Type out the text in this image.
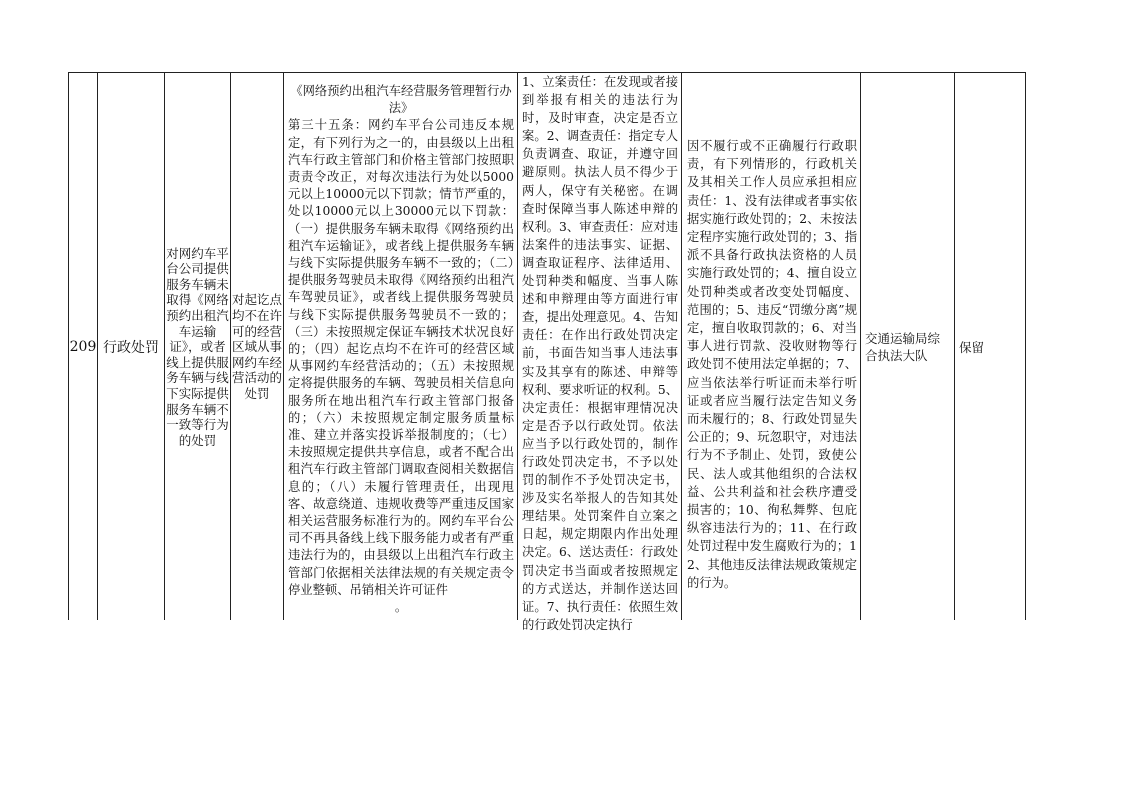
209 行政处罚
对网约车平台公司提供服务车辆未取得《网络预约出租汽车运输证》，或者线上提供服务车辆与线下实际提供服务车辆不一致等行为的处罚
对起讫点均不在许可的经营区域从事网约车经营活动的处罚
《网络预约出租汽车经营服务管理暂行办法》
第三十五条：网约车平台公司违反本规定，有下列行为之一的，由县级以上出租汽车行政主管部门和价格主管部门按照职责责令改正，对每次违法行为处以5000元以上10000元以下罚款；情节严重的，处以10000元以上30000元以下罚款：（一）提供服务车辆未取得《网络预约出租汽车运输证》，或者线上提供服务车辆与线下实际提供服务车辆不一致的；（二）提供服务驾驶员未取得《网络预约出租汽车驾驶员证》，或者线上提供服务驾驶员与线下实际提供服务驾驶员不一致的；（三）未按照规定保证车辆技术状况良好的；（四）起讫点均不在许可的经营区域从事网约车经营活动的；（五）未按照规定将提供服务的车辆、驾驶员相关信息向服务所在地出租汽车行政主管部门报备的；（六）未按照规定制定服务质量标准、建立并落实投诉举报制度的；（七）未按照规定提供共享信息，或者不配合出租汽车行政主管部门调取查阅相关数据信息的；（八）未履行管理责任，出现甩客、故意绕道、违规收费等严重违反国家相关运营服务标准行为的。网约车平台公司不再具备线上线下服务能力或者有严重违法行为的，由县级以上出租汽车行政主管部门依据相关法律法规的有关规定责令停业整顿、吊销相关许可证件
。
1、立案责任：在发现或者接到举报有相关的违法行为时，及时审查，决定是否立案。2、调查责任：指定专人负责调查、取证，并遵守回避原则。执法人员不得少于两人，保守有关秘密。在调查时保障当事人陈述申辩的权利。3、审查责任：应对违法案件的违法事实、证据、调查取证程序、法律适用、处罚种类和幅度、当事人陈述和申辩理由等方面进行审查，提出处理意见。4、告知责任：在作出行政处罚决定前，书面告知当事人违法事实及其享有的陈述、申辩等权利、要求听证的权利。5、决定责任：根据审理情况决定是否予以行政处罚。依法应当予以行政处罚的，制作行政处罚决定书，不予以处罚的制作不予处罚决定书，涉及实名举报人的告知其处理结果。处罚案件自立案之日起，规定期限内作出处理决定。6、送达责任：行政处罚决定书当面或者按照规定的方式送达，并制作送达回证。7、执行责任：依照生效的行政处罚决定执行
因不履行或不正确履行行政职责，有下列情形的，行政机关及其相关工作人员应承担相应责任：1、没有法律或者事实依据实施行政处罚的；2、未按法定程序实施行政处罚的；3、指派不具备行政执法资格的人员实施行政处罚的；4、擅自设立处罚种类或者改变处罚幅度、范围的；5、违反“罚缴分离”规定，擅自收取罚款的；6、对当事人进行罚款、没收财物等行政处罚不使用法定单据的；7、应当依法举行听证而未举行听证或者应当履行法定告知义务而未履行的；8、行政处罚显失公正的；9、玩忽职守，对违法行为不予制止、处罚，致使公民、法人或其他组织的合法权益、公共利益和社会秩序遭受损害的；10、徇私舞弊、包庇纵容违法行为的；11、在行政处罚过程中发生腐败行为的；12、其他违反法律法规政策规定的行为。
交通运输局综合执法大队
保留
